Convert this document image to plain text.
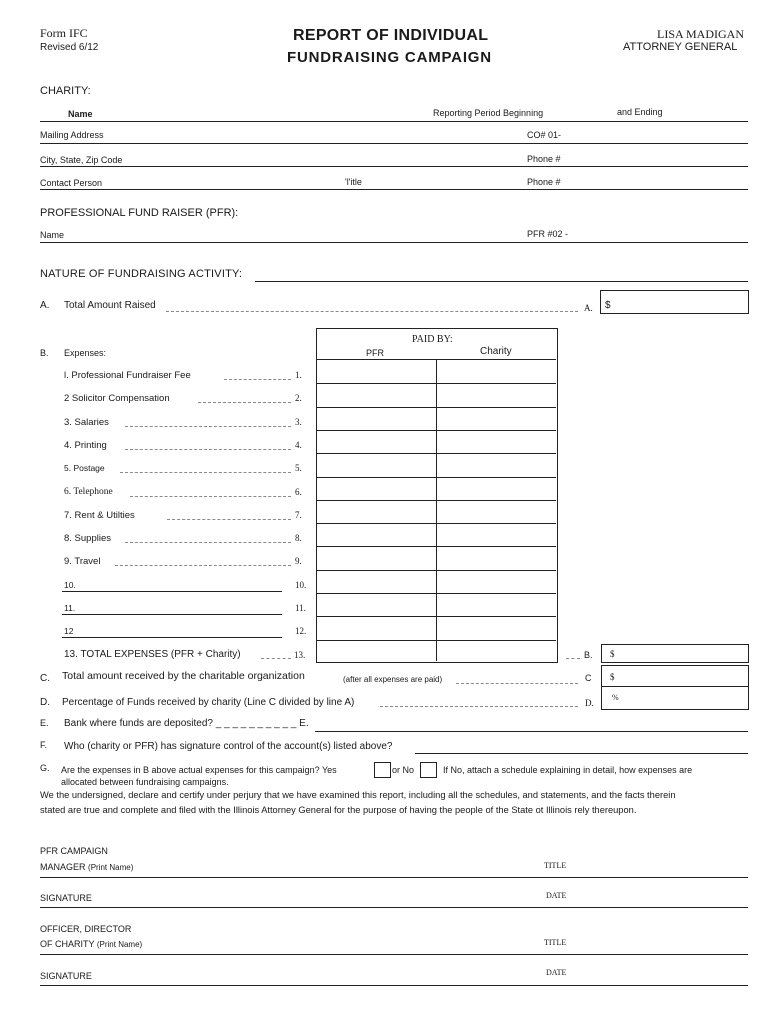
Form IFC
Revised 6/12
REPORT OF INDIVIDUAL
FUNDRAISING CAMPAIGN
LISA MADIGAN
ATTORNEY GENERAL
CHARITY:
Name	Reporting Period Beginning	and Ending
Mailing Address	CO# 01-
City, State, Zip Code	Phone #
Contact Person	'l'itle	Phone #
PROFESSIONAL FUND RAISER (PFR):
Name	PFR #02 -
NATURE OF FUNDRAISING ACTIVITY:
A. Total Amount Raised	A. $
PAID BY:
PFR	Charity
B. Expenses:
l. Professional Fundraiser Fee	1.
2 Solicitor Compensation	2.
3. Salaries	3.
4. Printing	4.
5. Postage	5.
6. Telephone	6.
7. Rent & Utilties	7.
8. Supplies	8.
9. Travel	9.
10.	10.
11.	11.
12	12.
13. TOTAL EXPENSES (PFR + Charity)	13.	B. $
C. Total amount received by the charitable organization	(after all expenses are paid)	C $
D. Percentage of Funds received by charity (Line C divided by line A)	D.
%
E. Bank where funds are deposited? _ _ _ _ _ _ _ _ _ _ E.
F. Who (charity or PFR) has signature control of the account(s) listed above?
G. Are the expenses in B above actual expenses for this campaign? Yes	or No	If No, attach a schedule explaining in detail, how expenses are
allocated between fundraising campaigns.
We the undersigned, declare and certify under perjury that we have examined this report, including all the schedules, and statements, and the facts therein
stated are true and complete and filed with the Illinois Attorney General for the purpose of having the people of the State ot Illinois rely thereupon.
PFR CAMPAIGN
MANAGER (Print Name)	TITLE
SIGNATURE	DATE
OFFICER, DIRECTOR
OF CHARITY (Print Name)	TITLE
SIGNATURE	DATE
